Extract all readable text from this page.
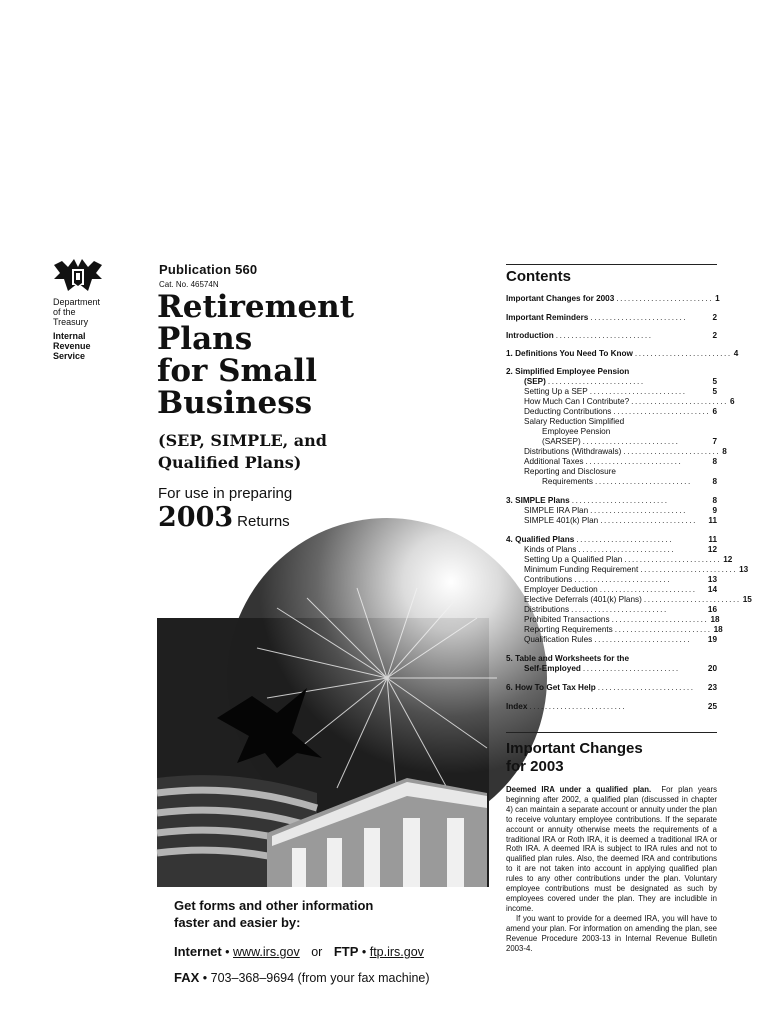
Department
of the
Treasury
Internal
Revenue
Service
Publication 560
Cat. No. 46574N
Retirement
Plans
for Small
Business
(SEP, SIMPLE, and
Qualified Plans)
For use in preparing
2003 Returns
Get forms and other information
faster and easier by:
Internet • www.irs.gov or FTP • ftp.irs.gov
FAX • 703–368–9694 (from your fax machine)
Contents
Important Changes for 2003 ......................... 1
Important Reminders .........................	2
Introduction .........................	2
1. Definitions You Need To Know ......................... 4
2. Simplified Employee Pension
(SEP) .........................	5
Setting Up a SEP .........................	5
How Much Can I Contribute? ......................... 6
Deducting Contributions ......................... 6
Salary Reduction Simplified
Employee Pension
(SARSEP) .........................	7
Distributions (Withdrawals) ......................... 8
Additional Taxes .........................	8
Reporting and Disclosure
Requirements .........................	8
3. SIMPLE Plans .........................	8
SIMPLE IRA Plan .........................	9
SIMPLE 401(k) Plan .........................	11
4. Qualified Plans .........................	11
Kinds of Plans .........................	12
Setting Up a Qualified Plan ......................... 12
Minimum Funding Requirement ......................... 13
Contributions .........................	13
Employer Deduction .........................	14
Elective Deferrals (401(k) Plans) ......................... 15
Distributions .........................	16
Prohibited Transactions ......................... 18
Reporting Requirements ......................... 18
Qualification Rules .........................	19
5. Table and Worksheets for the
Self-Employed .........................	20
6. How To Get Tax Help .........................	23
Index .........................	25
Important Changes
for 2003

Deemed IRA under a qualified plan. For plan years beginning after 2002, a qualified plan (discussed in chapter 4) can maintain a separate account or annuity under the plan to receive voluntary employee contributions. If the separate account or annuity otherwise meets the requirements of a traditional IRA or Roth IRA, it is deemed a traditional IRA or Roth IRA. A deemed IRA is subject to IRA rules and not to qualified plan rules. Also, the deemed IRA and contributions to it are not taken into account in applying qualified plan rules to any other contributions under the plan. Voluntary employee contributions must be designated as such by employees covered under the plan. They are includible in income.

If you want to provide for a deemed IRA, you will have to amend your plan. For information on amending the plan, see Revenue Procedure 2003-13 in Internal Revenue Bulletin 2003-4.
